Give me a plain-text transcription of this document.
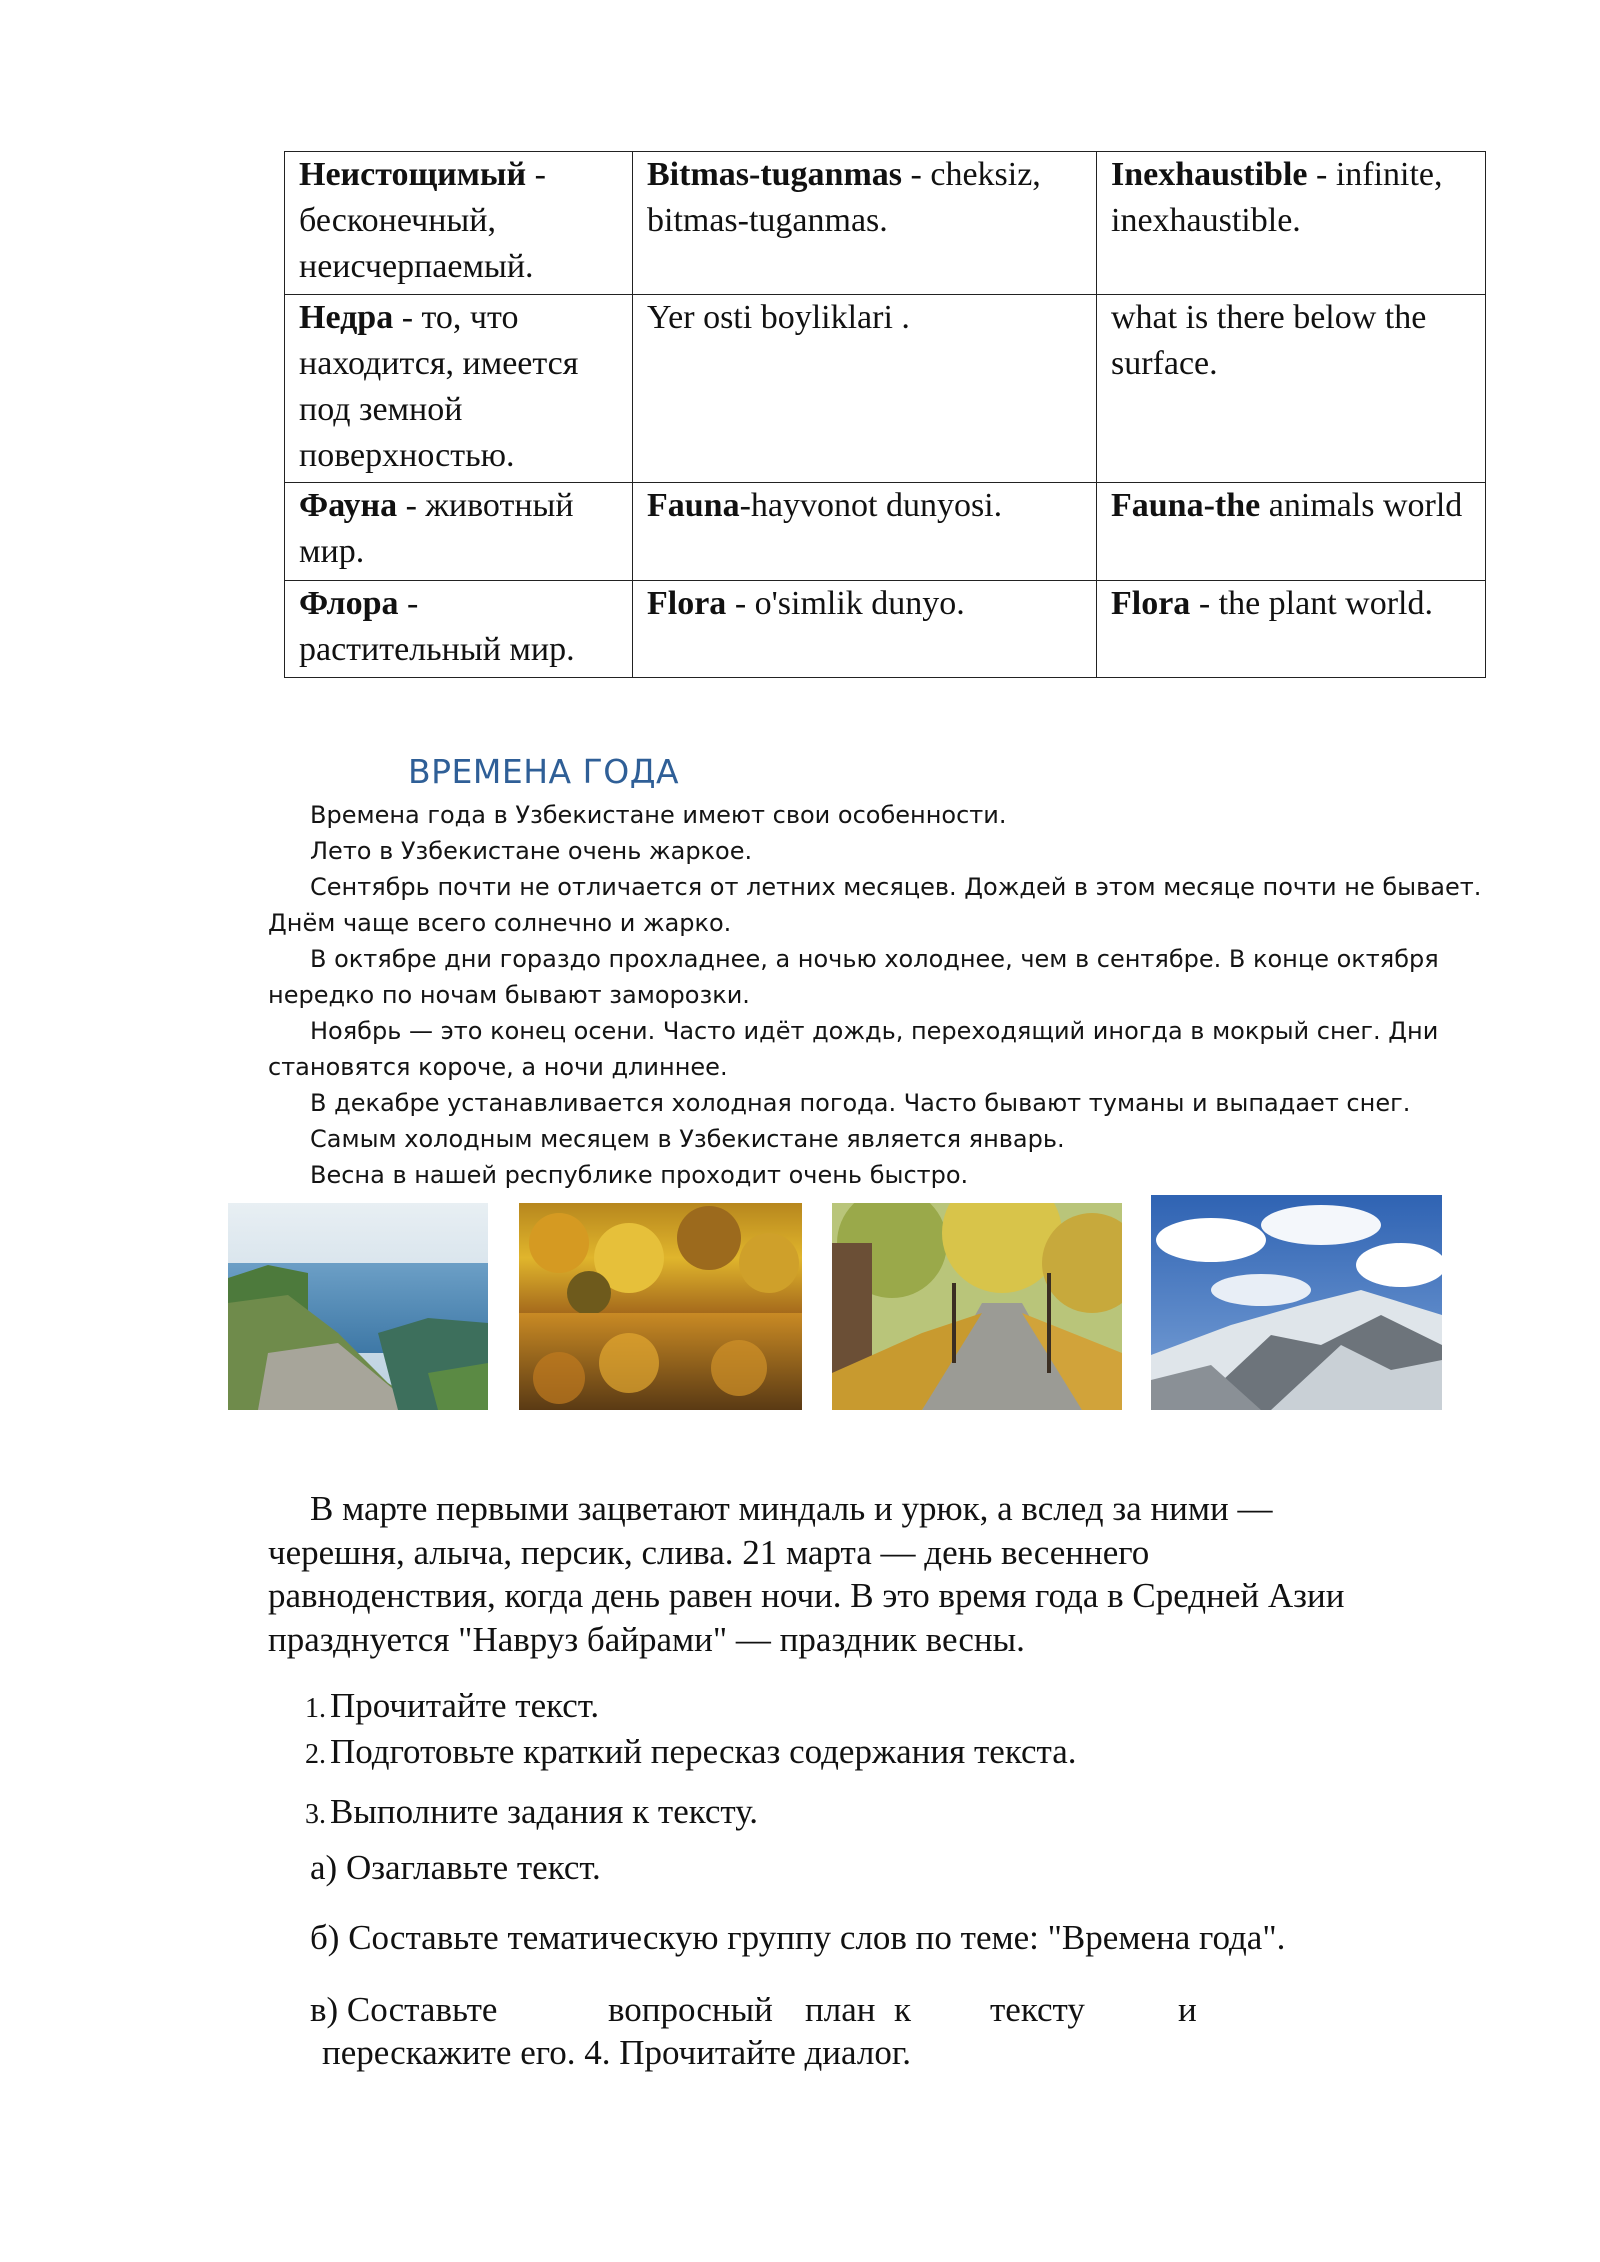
Неистощимый - бесконечный, неисчерпаемый.	Bitmas-tuganmas - cheksiz, bitmas-tuganmas.	Inexhaustible - infinite, inexhaustible.
Недра - то, что находится, имеется под земной поверхностью.	Yer osti boyliklari .	what is there below the surface.
Фауна - животный мир.	Fauna-hayvonot dunyosi.	Fauna-the animals world
Флора - растительный мир.	Flora - o'simlik dunyo.	Flora - the plant world.
ВРЕМЕНА ГОДА
Времена года в Узбекистане имеют свои особенности.
Лето в Узбекистане очень жаркое.
Сентябрь почти не отличается от летних месяцев. Дождей в этом месяце почти не бывает.
Днём чаще всего солнечно и жарко.
В октябре дни гораздо прохладнее, а ночью холоднее, чем в сентябре. В конце октября
нередко по ночам бывают заморозки.
Ноябрь — это конец осени. Часто идёт дождь, переходящий иногда в мокрый снег. Дни
становятся короче, а ночи длиннее.
В декабре устанавливается холодная погода. Часто бывают туманы и выпадает снег.
Самым холодным месяцем в Узбекистане является январь.
Весна в нашей республике проходит очень быстро.
В марте первыми зацветают миндаль и урюк, а вслед за ними —
черешня, алыча, персик, слива. 21 марта — день весеннего
равноденствия, когда день равен ночи. В это время года в Средней Азии
празднуется "Навруз байрами" — праздник весны.
1. Прочитайте текст.
2. Подготовьте краткий пересказ содержания текста.
3. Выполните задания к тексту.
а) Озаглавьте текст.
б) Составьте тематическую группу слов по теме: "Времена года".
в) Составьте	вопросный план к тексту	и
перескажите его. 4. Прочитайте диалог.
